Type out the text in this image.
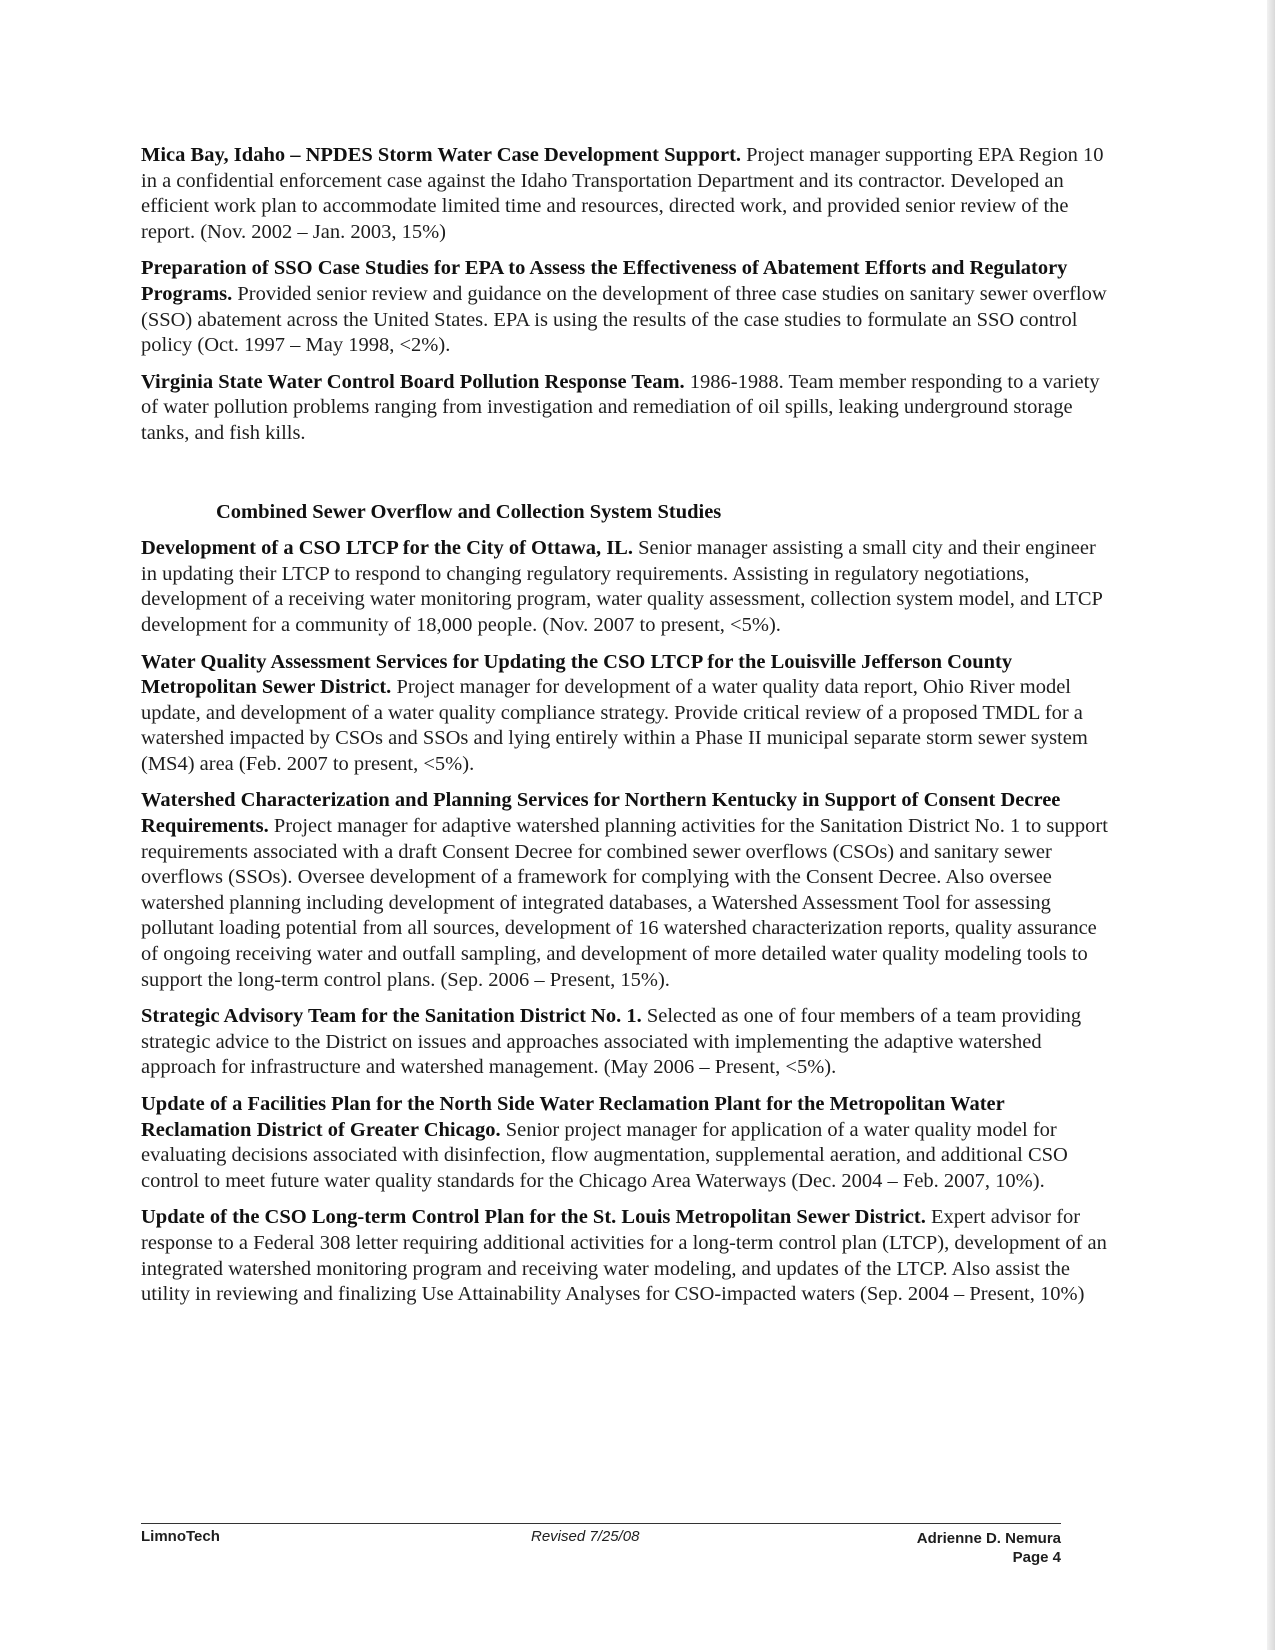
Mica Bay, Idaho – NPDES Storm Water Case Development Support. Project manager supporting EPA Region 10 in a confidential enforcement case against the Idaho Transportation Department and its contractor. Developed an efficient work plan to accommodate limited time and resources, directed work, and provided senior review of the report. (Nov. 2002 – Jan. 2003, 15%)

Preparation of SSO Case Studies for EPA to Assess the Effectiveness of Abatement Efforts and Regulatory Programs. Provided senior review and guidance on the development of three case studies on sanitary sewer overflow (SSO) abatement across the United States. EPA is using the results of the case studies to formulate an SSO control policy (Oct. 1997 – May 1998, <2%).

Virginia State Water Control Board Pollution Response Team. 1986-1988. Team member responding to a variety of water pollution problems ranging from investigation and remediation of oil spills, leaking underground storage tanks, and fish kills.

Combined Sewer Overflow and Collection System Studies

Development of a CSO LTCP for the City of Ottawa, IL. Senior manager assisting a small city and their engineer in updating their LTCP to respond to changing regulatory requirements. Assisting in regulatory negotiations, development of a receiving water monitoring program, water quality assessment, collection system model, and LTCP development for a community of 18,000 people. (Nov. 2007 to present, <5%).

Water Quality Assessment Services for Updating the CSO LTCP for the Louisville Jefferson County Metropolitan Sewer District. Project manager for development of a water quality data report, Ohio River model update, and development of a water quality compliance strategy. Provide critical review of a proposed TMDL for a watershed impacted by CSOs and SSOs and lying entirely within a Phase II municipal separate storm sewer system (MS4) area (Feb. 2007 to present, <5%).

Watershed Characterization and Planning Services for Northern Kentucky in Support of Consent Decree Requirements. Project manager for adaptive watershed planning activities for the Sanitation District No. 1 to support requirements associated with a draft Consent Decree for combined sewer overflows (CSOs) and sanitary sewer overflows (SSOs). Oversee development of a framework for complying with the Consent Decree. Also oversee watershed planning including development of integrated databases, a Watershed Assessment Tool for assessing pollutant loading potential from all sources, development of 16 watershed characterization reports, quality assurance of ongoing receiving water and outfall sampling, and development of more detailed water quality modeling tools to support the long-term control plans. (Sep. 2006 – Present, 15%).

Strategic Advisory Team for the Sanitation District No. 1. Selected as one of four members of a team providing strategic advice to the District on issues and approaches associated with implementing the adaptive watershed approach for infrastructure and watershed management. (May 2006 – Present, <5%).

Update of a Facilities Plan for the North Side Water Reclamation Plant for the Metropolitan Water Reclamation District of Greater Chicago. Senior project manager for application of a water quality model for evaluating decisions associated with disinfection, flow augmentation, supplemental aeration, and additional CSO control to meet future water quality standards for the Chicago Area Waterways (Dec. 2004 – Feb. 2007, 10%).

Update of the CSO Long-term Control Plan for the St. Louis Metropolitan Sewer District. Expert advisor for response to a Federal 308 letter requiring additional activities for a long-term control plan (LTCP), development of an integrated watershed monitoring program and receiving water modeling, and updates of the LTCP. Also assist the utility in reviewing and finalizing Use Attainability Analyses for CSO-impacted waters (Sep. 2004 – Present, 10%)

LimnoTech	Revised 7/25/08	Adrienne D. Nemura
Page 4
